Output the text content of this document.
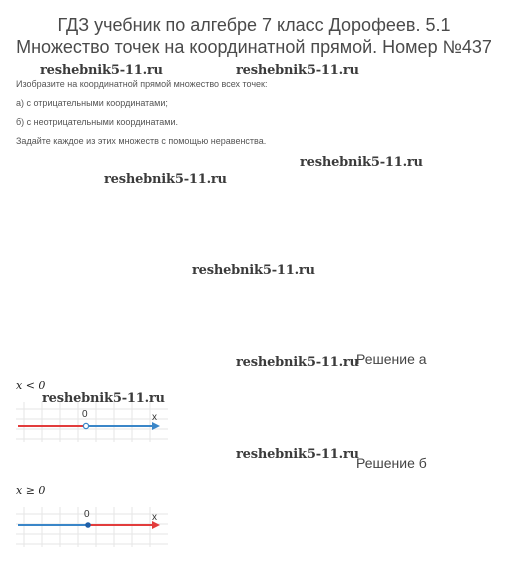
ГДЗ учебник по алгебре 7 класс Дорофеев. 5.1 Множество точек на координатной прямой. Номер №437
Изобразите на координатной прямой множество всех точек:
а) с отрицательными координатами;
б) с неотрицательными координатами.
Задайте каждое из этих множеств с помощью неравенства.
reshebnik5-11.ru	reshebnik5-11.ru
reshebnik5-11.ru
reshebnik5-11.ru
reshebnik5-11.ru
reshebnik5-11.ru
reshebnik5-11.ru
reshebnik5-11.ru
Решение а
Решение б
x < 0
x ≥ 0
0	x
0	x
